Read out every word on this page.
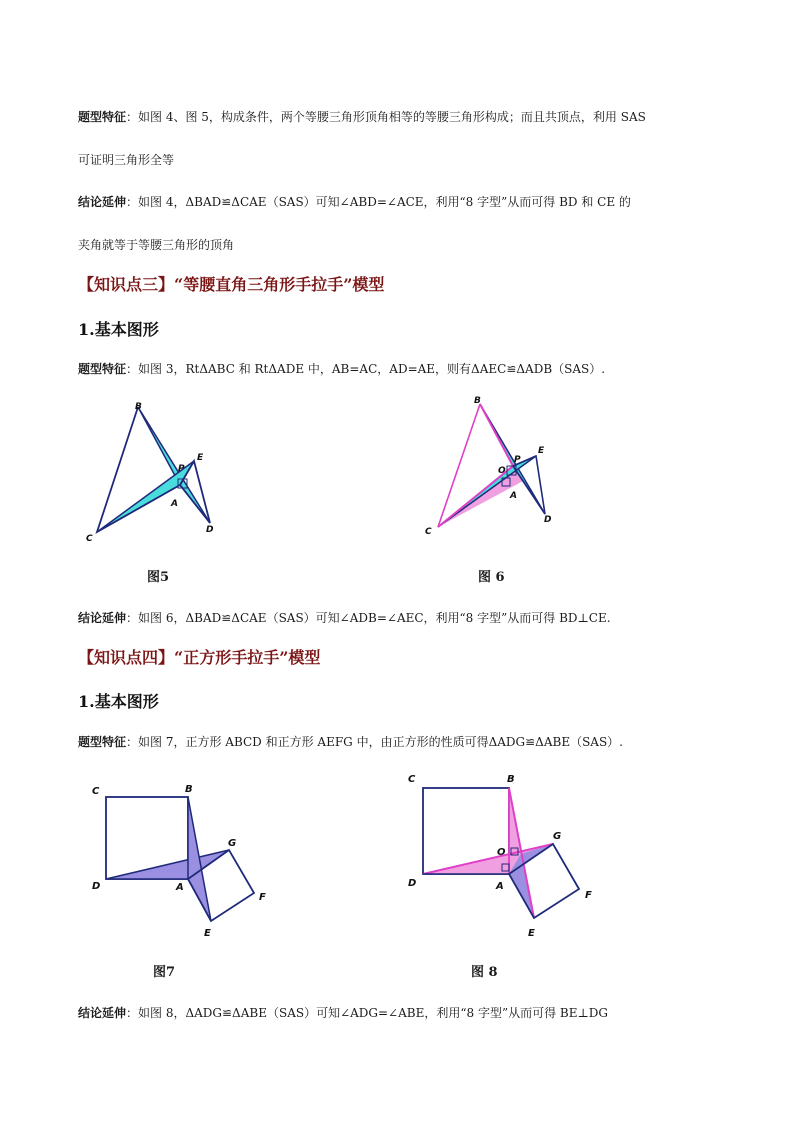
题型特征：如图 4、图 5，构成条件，两个等腰三角形顶角相等的等腰三角形构成；而且共顶点，利用 SAS
可证明三角形全等
结论延伸：如图 4，ΔBAD≌ΔCAE（SAS）可知∠ABD=∠ACE，利用“8 字型”从而可得 BD 和 CE 的
夹角就等于等腰三角形的顶角
【知识点三】“等腰直角三角形手拉手”模型
1.基本图形
题型特征：如图 3，RtΔABC 和 RtΔADE 中，AB=AC，AD=AE，则有ΔAEC≌ΔADB（SAS）.
B
P
E
A
D
C
图5
B
O
P
E
A
D
C
图 6
结论延伸：如图 6，ΔBAD≌ΔCAE（SAS）可知∠ADB=∠AEC，利用“8 字型”从而可得 BD⊥CE.
【知识点四】“正方形手拉手”模型
1.基本图形
题型特征：如图 7，正方形 ABCD 和正方形 AEFG 中，由正方形的性质可得ΔADG≌ΔABE（SAS）.
C	B
G
D	A
F
E
图7
C	B
G
O
D	A
F
E
图 8
结论延伸：如图 8，ΔADG≌ΔABE（SAS）可知∠ADG=∠ABE，利用“8 字型”从而可得 BE⊥DG
